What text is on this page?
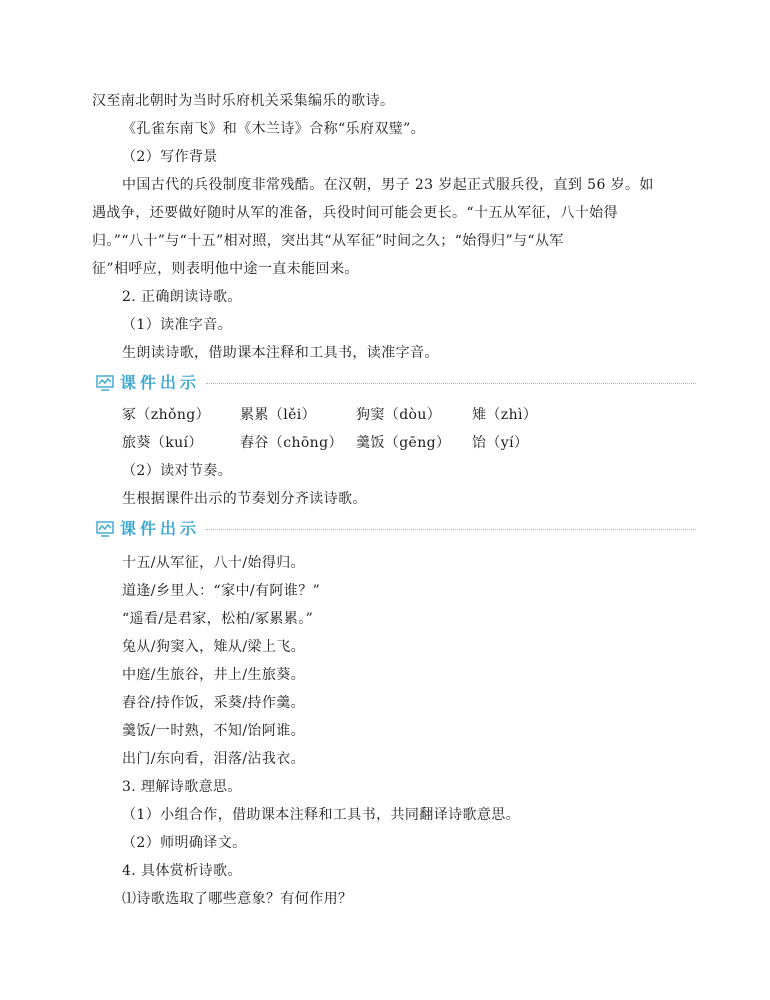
汉至南北朝时为当时乐府机关采集编乐的歌诗。
《孔雀东南飞》和《木兰诗》合称“乐府双璧”。
（2）写作背景
中国古代的兵役制度非常残酷。在汉朝，男子 23 岁起正式服兵役，直到 56 岁。如
遇战争，还要做好随时从军的准备，兵役时间可能会更长。“十五从军征，八十始得
归。”“八十”与“十五”相对照，突出其“从军征”时间之久；“始得归”与“从军
征”相呼应，则表明他中途一直未能回来。
2. 正确朗读诗歌。
（1）读准字音。
生朗读诗歌，借助课本注释和工具书，读准字音。
课件出示
冢（zhǒng） 累累（lěi）	狗窦（dòu） 雉（zhì）
旅葵（kuí）	舂谷（chōng） 羹饭（gēng） 饴（yí）
（2）读对节奏。
生根据课件出示的节奏划分齐读诗歌。
课件出示
十五/从军征，八十/始得归。
道逢/乡里人：“家中/有阿谁？”
“遥看/是君家，松柏/冢累累。”
兔从/狗窦入，雉从/梁上飞。
中庭/生旅谷，井上/生旅葵。
舂谷/持作饭，采葵/持作羹。
羹饭/一时熟，不知/饴阿谁。
出门/东向看，泪落/沾我衣。
3. 理解诗歌意思。
（1）小组合作，借助课本注释和工具书，共同翻译诗歌意思。
（2）师明确译文。
4. 具体赏析诗歌。
⑴诗歌选取了哪些意象？有何作用？
